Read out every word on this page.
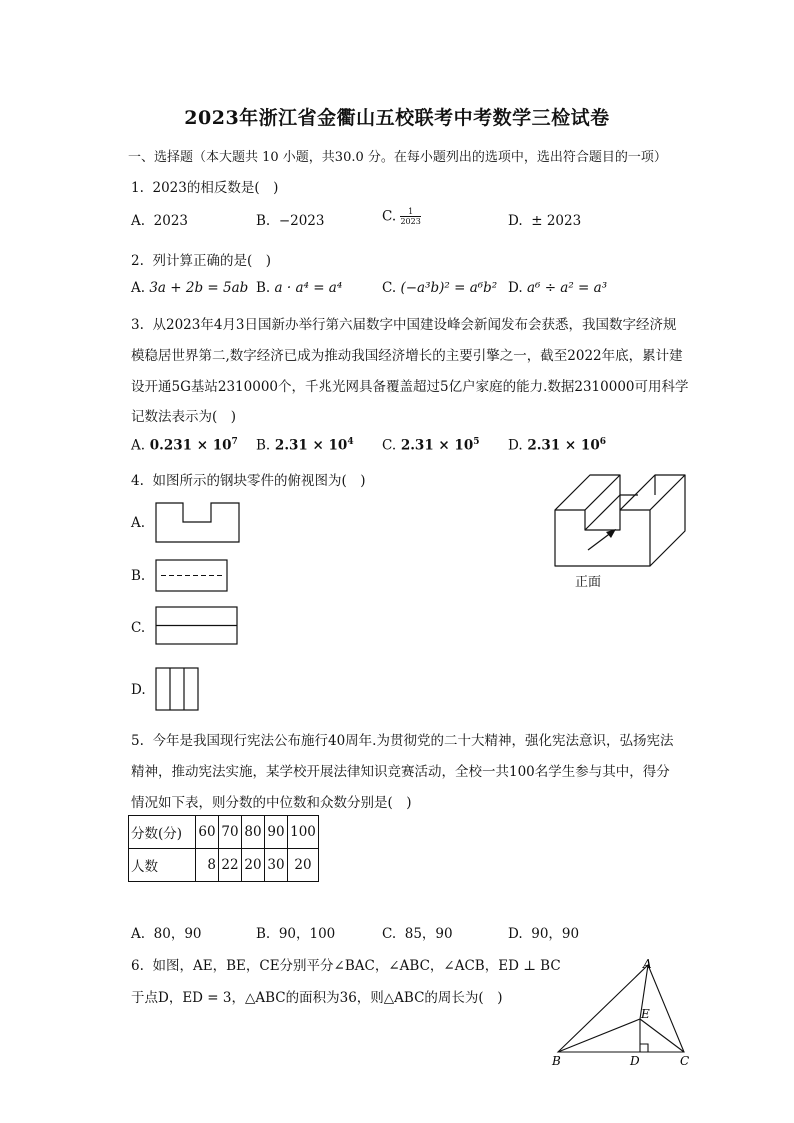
2023年浙江省金衢山五校联考中考数学三检试卷
一、选择题（本大题共 10 小题，共30.0 分。在每小题列出的选项中，选出符合题目的一项）
1. 2023的相反数是(　)
A. 2023	B. −2023	C. $\frac{1}{2023}$	D. ± 2023
2. 列计算正确的是(　)
A. 3a + 2b = 5ab B. a · a⁴ = a⁴	C. (−a³b)² = a⁶b² D. a⁶ ÷ a² = a³
3. 从2023年4月3日国新办举行第六届数字中国建设峰会新闻发布会获悉，我国数字经济规
模稳居世界第二,数字经济已成为推动我国经济增长的主要引擎之一，截至2022年底，累计建
设开通5G基站2310000个，千兆光网具备覆盖超过5亿户家庭的能力.数据2310000可用科学
记数法表示为(　)
A. $0.231 \times 10^7$ B. $2.31 \times 10^4$ C. $2.31 \times 10^5$ D. $2.31 \times 10^6$
4. 如图所示的钢块零件的俯视图为(　)
A.
B.
C.
D.
正面
5. 今年是我国现行宪法公布施行40周年.为贯彻党的二十大精神，强化宪法意识，弘扬宪法
精神，推动宪法实施，某学校开展法律知识竞赛活动，全校一共100名学生参与其中，得分
情况如下表，则分数的中位数和众数分别是(　)
分数(分)	60	70	80	90	100
人数	8	22	20	30	20
A. 80，90	B. 90，100	C. 85，90	D. 90，90
6. 如图，AE，BE，CE分别平分∠BAC，∠ABC，∠ACB，ED ⊥ BC
于点D，ED = 3，△ABC的面积为36，则△ABC的周长为(　)
A
E
B	D	C
